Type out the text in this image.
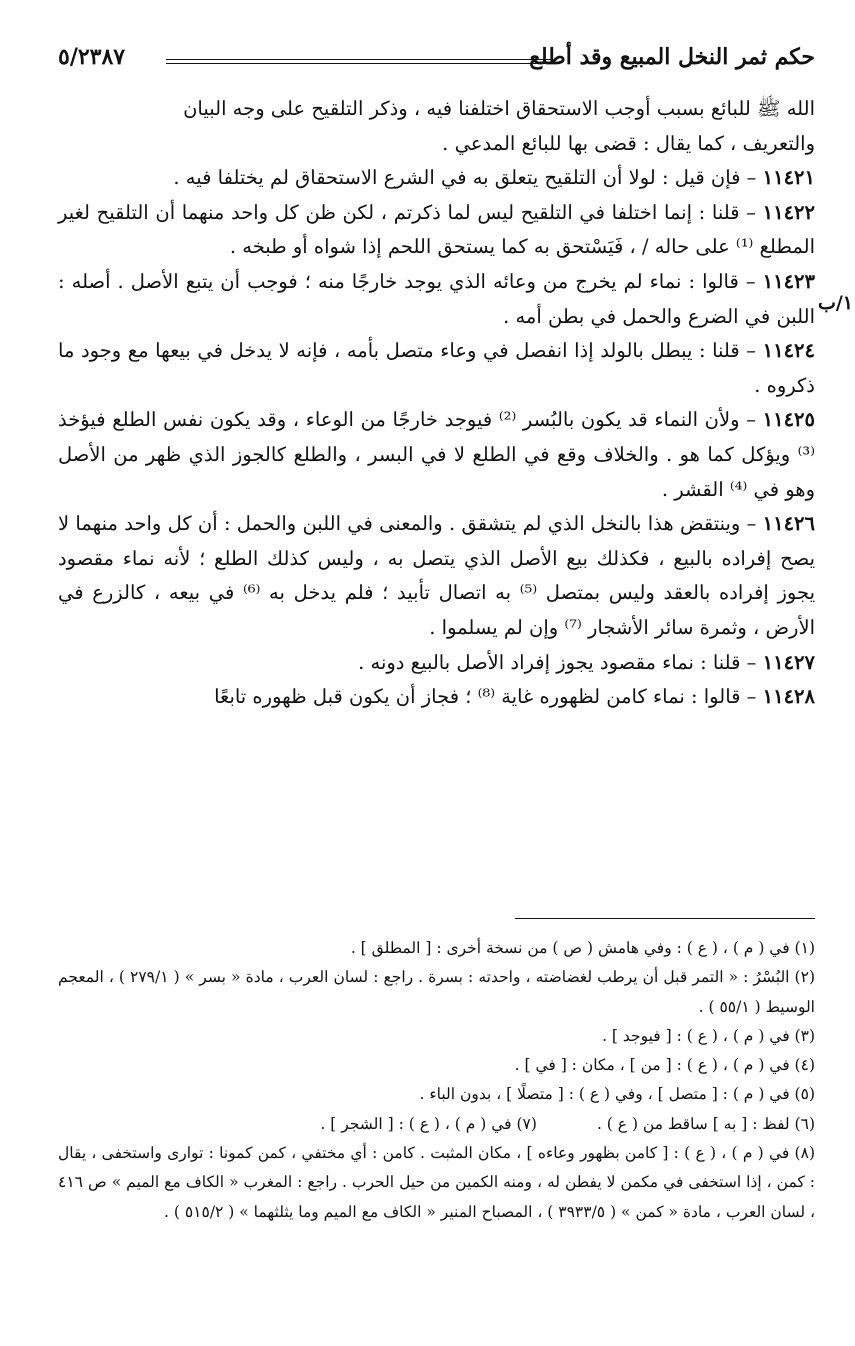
حكم ثمر النخل المبيع وقد أطلع
٥/٢٣٨٧
١/ب

الله ﷺ للبائع بسبب أوجب الاستحقاق اختلفنا فيه ، وذكر التلقيح على وجه البيان

والتعريف ، كما يقال : قضى بها للبائع المدعي .

١١٤٢١ – فإن قيل : لولا أن التلقيح يتعلق به في الشرع الاستحقاق لم يختلفا فيه .

١١٤٢٢ – قلنا : إنما اختلفا في التلقيح ليس لما ذكرتم ، لكن ظن كل واحد منهما أن التلقيح لغير المطلع ⁽¹⁾ على حاله / ، فَيَسْتحق به كما يستحق اللحم إذا شواه أو طبخه .

١١٤٢٣ – قالوا : نماء لم يخرج من وعائه الذي يوجد خارجًا منه ؛ فوجب أن يتبع الأصل . أصله : اللبن في الضرع والحمل في بطن أمه .

١١٤٢٤ – قلنا : يبطل بالولد إذا انفصل في وعاء متصل بأمه ، فإنه لا يدخل في بيعها مع وجود ما ذكروه .

١١٤٢٥ – ولأن النماء قد يكون بالبُسر ⁽²⁾ فيوجد خارجًا من الوعاء ، وقد يكون نفس الطلع فيؤخذ ⁽³⁾ ويؤكل كما هو . والخلاف وقع في الطلع لا في البسر ، والطلع كالجوز الذي ظهر من الأصل وهو في ⁽⁴⁾ القشر .

١١٤٢٦ – وينتقض هذا بالنخل الذي لم يتشقق . والمعنى في اللبن والحمل : أن كل واحد منهما لا يصح إفراده بالبيع ، فكذلك بيع الأصل الذي يتصل به ، وليس كذلك الطلع ؛ لأنه نماء مقصود يجوز إفراده بالعقد وليس بمتصل ⁽⁵⁾ به اتصال تأبيد ؛ فلم يدخل به ⁽⁶⁾ في بيعه ، كالزرع في الأرض ، وثمرة سائر الأشجار ⁽⁷⁾ وإن لم يسلموا .

١١٤٢٧ – قلنا : نماء مقصود يجوز إفراد الأصل بالبيع دونه .

١١٤٢٨ – قالوا : نماء كامن لظهوره غاية ⁽⁸⁾ ؛ فجاز أن يكون قبل ظهوره تابعًا

(١) في ( م ) ، ( ع ) : وفي هامش ( ص ) من نسخة أخرى : [ المطلق ] .

(٢) البُسْرُ : « التمر قبل أن يرطب لغضاضته ، واحدته : بسرة . راجع : لسان العرب ، مادة « بسر » ( ٢٧٩/١ ) ، المعجم الوسيط ( ٥٥/١ ) .

(٣) في ( م ) ، ( ع ) : [ فيوجد ] .

(٤) في ( م ) ، ( ع ) : [ من ] ، مكان : [ في ] .

(٥) في ( م ) : [ متصل ] ، وفي ( ع ) : [ متصلًا ] ، بدون الباء .

(٦) لفظ : [ به ] ساقط من ( ع ) .
(٧) في ( م ) ، ( ع ) : [ الشجر ] .

(٨) في ( م ) ، ( ع ) : [ كامن بظهور وعاءه ] ، مكان المثبت . كامن : أي مختفي ، كمن كمونا : توارى واستخفى ، يقال : كمن ، إذا استخفى في مكمن لا يفطن له ، ومنه الكمين من حيل الحرب . راجع : المغرب « الكاف مع الميم » ص ٤١٦ ، لسان العرب ، مادة « كمن » ( ٣٩٣٣/٥ ) ، المصباح المنير « الكاف مع الميم وما يثلثهما » ( ٥١٥/٢ ) .
